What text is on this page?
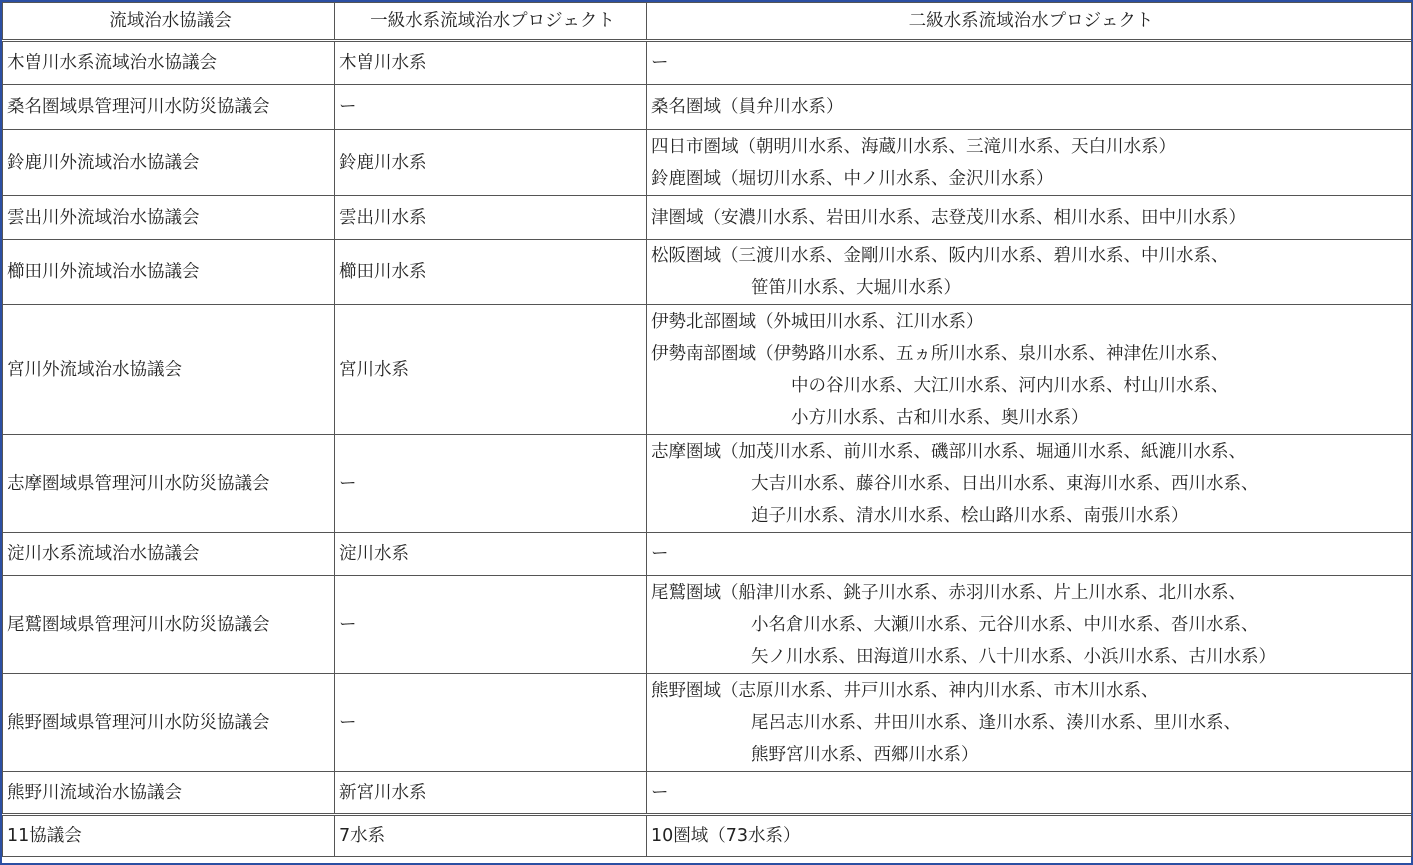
流域治水協議会	一級水系流域治水プロジェクト	二級水系流域治水プロジェクト
木曽川水系流域治水協議会	木曽川水系	ー

桑名圏域県管理河川水防災協議会	ー	桑名圏域（員弁川水系）

鈴鹿川外流域治水協議会	鈴鹿川水系	四日市圏域（朝明川水系、海蔵川水系、三滝川水系、天白川水系）
鈴鹿圏域（堀切川水系、中ノ川水系、金沢川水系）

雲出川外流域治水協議会	雲出川水系	津圏域（安濃川水系、岩田川水系、志登茂川水系、相川水系、田中川水系）

櫛田川外流域治水協議会	櫛田川水系	松阪圏域（三渡川水系、金剛川水系、阪内川水系、碧川水系、中川水系、
笹笛川水系、大堀川水系）

宮川外流域治水協議会	宮川水系	伊勢北部圏域（外城田川水系、江川水系）
伊勢南部圏域（伊勢路川水系、五ヵ所川水系、泉川水系、神津佐川水系、
中の谷川水系、大江川水系、河内川水系、村山川水系、
小方川水系、古和川水系、奥川水系）

志摩圏域県管理河川水防災協議会	ー	志摩圏域（加茂川水系、前川水系、磯部川水系、堀通川水系、紙漉川水系、
大吉川水系、藤谷川水系、日出川水系、東海川水系、西川水系、
迫子川水系、清水川水系、桧山路川水系、南張川水系）

淀川水系流域治水協議会	淀川水系	ー

尾鷲圏域県管理河川水防災協議会	ー	尾鷲圏域（船津川水系、銚子川水系、赤羽川水系、片上川水系、北川水系、
小名倉川水系、大瀬川水系、元谷川水系、中川水系、沓川水系、
矢ノ川水系、田海道川水系、八十川水系、小浜川水系、古川水系）

熊野圏域県管理河川水防災協議会	ー	熊野圏域（志原川水系、井戸川水系、神内川水系、市木川水系、
尾呂志川水系、井田川水系、逢川水系、湊川水系、里川水系、
熊野宮川水系、西郷川水系）

熊野川流域治水協議会	新宮川水系	ー

11協議会	7水系	10圏域（73水系）
